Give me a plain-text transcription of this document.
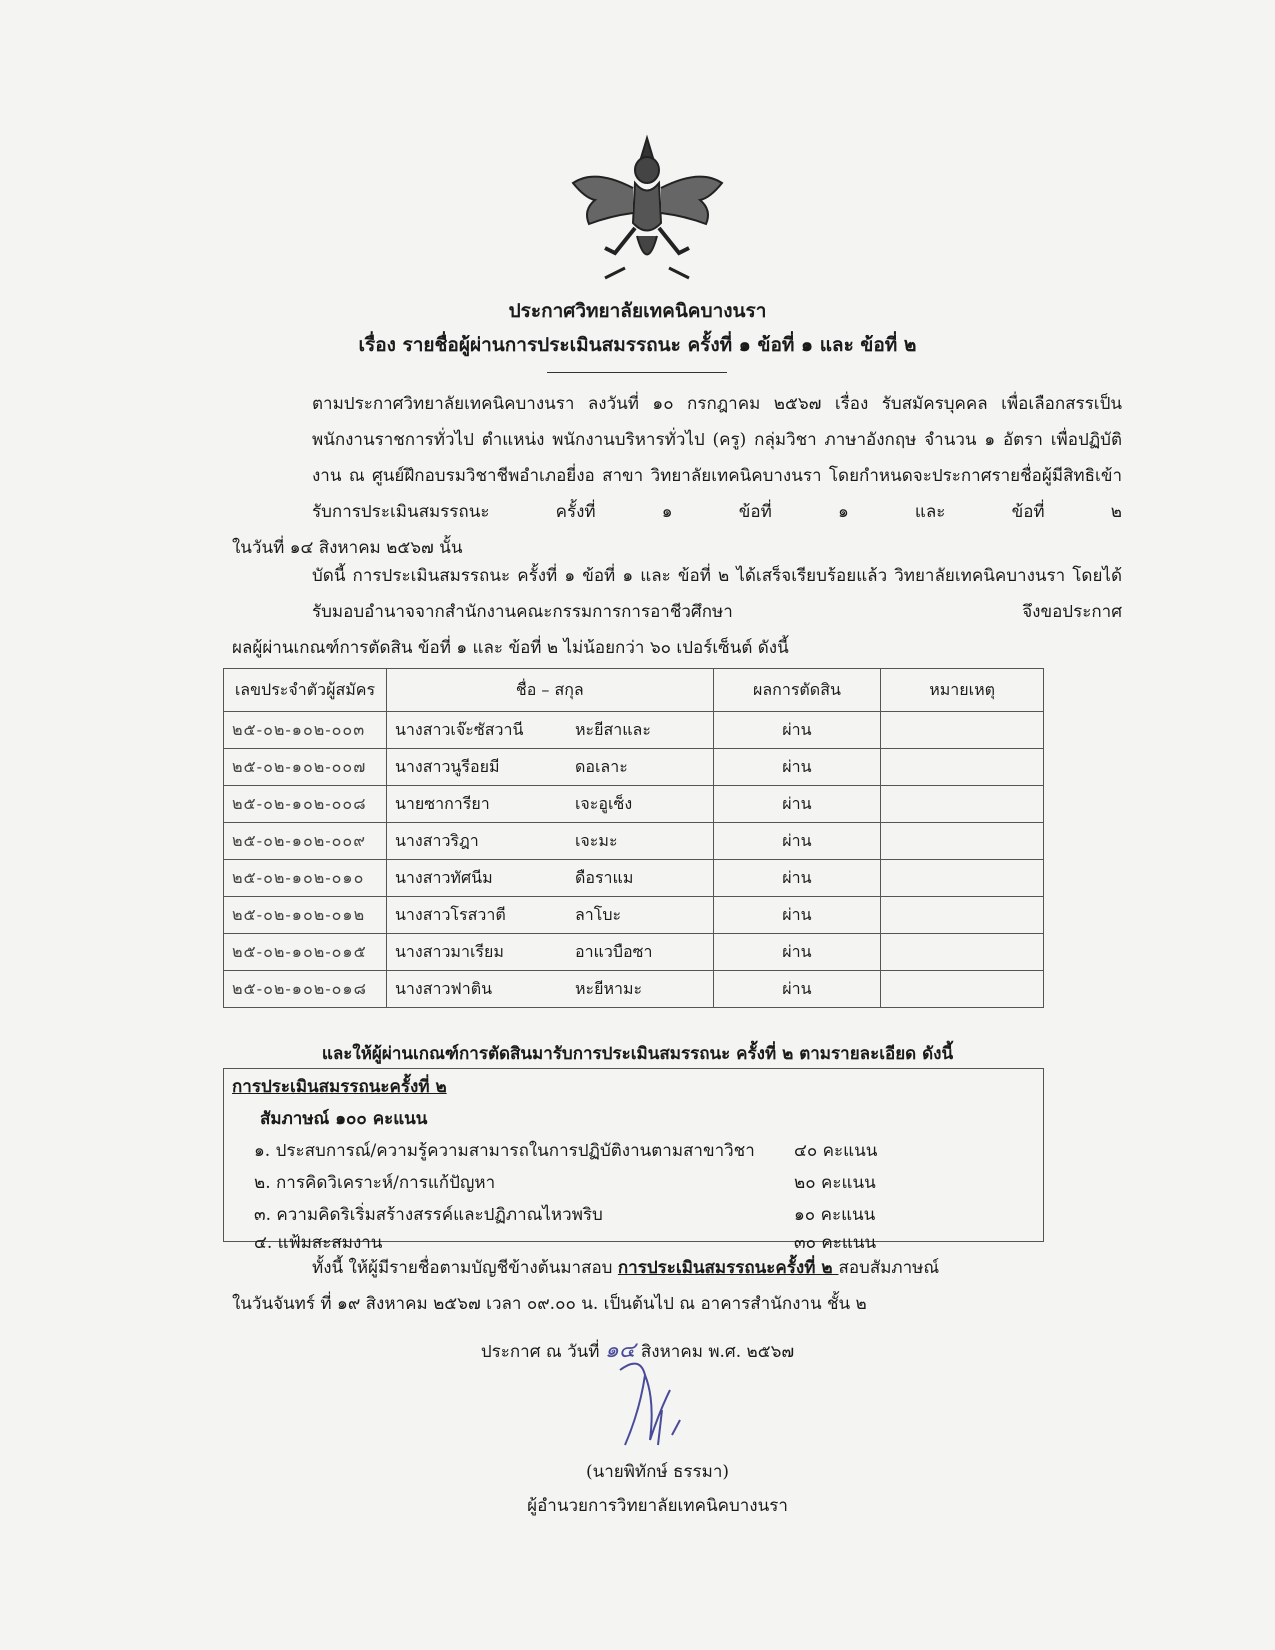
ประกาศวิทยาลัยเทคนิคบางนรา
เรื่อง รายชื่อผู้ผ่านการประเมินสมรรถนะ ครั้งที่ ๑ ข้อที่ ๑ และ ข้อที่ ๒
ตามประกาศวิทยาลัยเทคนิคบางนรา ลงวันที่ ๑๐ กรกฎาคม ๒๕๖๗ เรื่อง รับสมัครบุคคล เพื่อเลือกสรรเป็นพนักงานราชการทั่วไป ตำแหน่ง พนักงานบริหารทั่วไป (ครู) กลุ่มวิชา ภาษาอังกฤษ จำนวน ๑ อัตรา เพื่อปฏิบัติงาน ณ ศูนย์ฝึกอบรมวิชาชีพอำเภอยี่งอ สาขา วิทยาลัยเทคนิคบางนรา โดยกำหนดจะประกาศรายชื่อผู้มีสิทธิเข้ารับการประเมินสมรรถนะ ครั้งที่ ๑ ข้อที่ ๑ และ ข้อที่ ๒
ในวันที่ ๑๔ สิงหาคม ๒๕๖๗ นั้น
บัดนี้ การประเมินสมรรถนะ ครั้งที่ ๑ ข้อที่ ๑ และ ข้อที่ ๒ ได้เสร็จเรียบร้อยแล้ว วิทยาลัยเทคนิคบางนรา โดยได้รับมอบอำนาจจากสำนักงานคณะกรรมการการอาชีวศึกษา จึงขอประกาศ
ผลผู้ผ่านเกณฑ์การตัดสิน ข้อที่ ๑ และ ข้อที่ ๒ ไม่น้อยกว่า ๖๐ เปอร์เซ็นต์ ดังนี้
เลขประจำตัวผู้สมัคร	ชื่อ – สกุล	ผลการตัดสิน	หมายเหตุ
๒๕-๐๒-๑๐๒-๐๐๓	นางสาวเจ๊ะซัสวานี หะยีสาและ	ผ่าน	
๒๕-๐๒-๑๐๒-๐๐๗	นางสาวนูรีอยมี ดอเลาะ	ผ่าน	
๒๕-๐๒-๑๐๒-๐๐๘	นายซาการียา เจะอูเซ็ง	ผ่าน	
๒๕-๐๒-๑๐๒-๐๐๙	นางสาวริฎา เจะมะ	ผ่าน	
๒๕-๐๒-๑๐๒-๐๑๐	นางสาวทัศนีม ดือราแม	ผ่าน	
๒๕-๐๒-๑๐๒-๐๑๒	นางสาวโรสวาตี ลาโบะ	ผ่าน	
๒๕-๐๒-๑๐๒-๐๑๕	นางสาวมาเรียม อาแวบือซา	ผ่าน	
๒๕-๐๒-๑๐๒-๐๑๘	นางสาวฟาติน หะยีหามะ	ผ่าน	
และให้ผู้ผ่านเกณฑ์การตัดสินมารับการประเมินสมรรถนะ ครั้งที่ ๒ ตามรายละเอียด ดังนี้
การประเมินสมรรถนะครั้งที่ ๒
สัมภาษณ์ ๑๐๐ คะแนน
๑. ประสบการณ์/ความรู้ความสามารถในการปฏิบัติงานตามสาขาวิชา ๔๐ คะแนน
๒. การคิดวิเคราะห์/การแก้ปัญหา	๒๐ คะแนน
๓. ความคิดริเริ่มสร้างสรรค์และปฏิภาณไหวพริบ	๑๐ คะแนน
๔. แฟ้มสะสมงาน	๓๐ คะแนน
ทั้งนี้ ให้ผู้มีรายชื่อตามบัญชีข้างต้นมาสอบ การประเมินสมรรถนะครั้งที่ ๒ สอบสัมภาษณ์
ในวันจันทร์ ที่ ๑๙ สิงหาคม ๒๕๖๗ เวลา ๐๙.๐๐ น. เป็นต้นไป ณ อาคารสำนักงาน ชั้น ๒
ประกาศ ณ วันที่ ๑๔ สิงหาคม พ.ศ. ๒๕๖๗
(นายพิทักษ์ ธรรมา)
ผู้อำนวยการวิทยาลัยเทคนิคบางนรา
